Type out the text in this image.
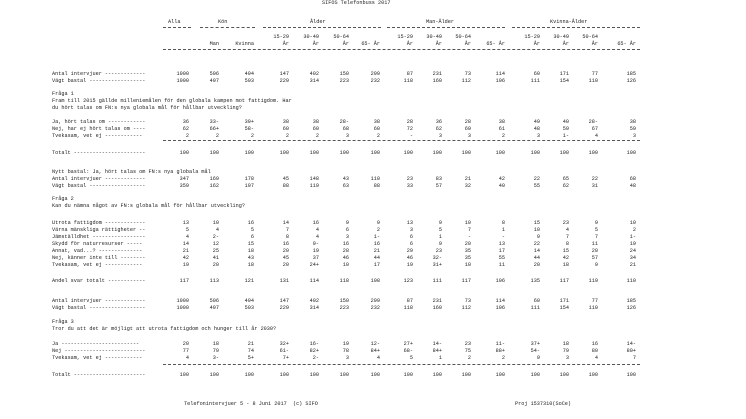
SIFOS Telefonbuss 2017
Alla	Kön	Ålder	Man-Ålder	Kvinna-Ålder
15-29	30-49	50-64	15-29	30-49	50-64	15-29	30-49	50-64
Man	Kvinna	År	År	År	65- År	År	År	År	65- År	År	År	År	65- År
Antal intervjuer -------------	1000	506	494	147	402	150	299	87	231	73	114	60	171	77	185
Vägt bastal ------------------	1000	497	503	229	314	223	232	118	160	112	106	111	154	110	126
Fråga 1
Fram till 2015 gällde milleniemålen för den globala kampen mot fattigdom. Har
du hört talas om FN:s nya globala mål för hållbar utveckling?
Ja, hört talas om ------------	36	33-	39+	38	38	28-	38	28	36	28	38	49	40	28-	38
Nej, har ej hört talas om ----	62	66+	58-	60	60	68	60	72	62	69	61	48	59	67	59
Tvekasam, vet ej ------------	2	2	2	2	2	3	2	-	3	3	2	3	1-	4	3
Totalt -----------------------	100	100	100	100	100	100	100	100	100	100	100	100	100	100	100
Nytt bastal: Ja, hört talas om FN:s nya globala mål
Antal intervjuer -------------	347	169	178	45	148	43	110	23	83	21	42	22	65	22	68
Vägt bastal ------------------	359	162	197	88	119	63	88	33	57	32	40	55	62	31	48
Fråga 2
Kan du nämna något av FN:s globala mål för hållbar utveckling?
Utrota fattigdom -------------	13	10	16	14	16	9	9	13	9	10	8	15	23	9	10
Värna mänskliga rättigheter --	5	4	5	7	4	6	2	3	5	7	1	10	4	5	2
Jämställdhet -----------------	4	2-	6	8	4	3	1-	6	1	-	-	9	7	7	1-
Skydd för naturresurser -----	14	12	15	16	9-	16	16	6	9	20	13	22	8	11	19
Annat, vad...? --------------	21	25	18	20	19	28	21	29	23	35	17	14	15	20	24
Nej, känner inte till --------	42	41	43	45	37	46	44	46	32-	35	55	44	42	57	34
Tvekasam, vet ej ------------	19	20	18	20	24+	10	17	19	31+	10	11	20	18	9	21
Andel svar totalt ------------	117	113	121	131	114	118	108	123	111	117	106	135	117	119	110
Antal intervjuer -------------	1000	506	494	147	402	150	299	87	231	73	114	60	171	77	185
Vägt bastal ------------------	1000	497	503	229	314	223	232	118	160	112	106	111	154	110	126
Fråga 3
Tror du att det är möjligt att utrota fattigdom och hunger till år 2030?
Ja -------------------------	20	18	21	32+	16-	19	12-	27+	14-	23	11-	37+	18	16	14-
Nej --------------------------	77	79	74	61-	82+	78	84+	68-	84+	75	88+	54-	79	80	80+
Tvekasam, vet ej ------------	4	3-	5+	7+	2-	3	4	5	1	2	2	9	3	4	7
Totalt -----------------------	100	100	100	100	100	100	100	100	100	100	100	100	100	100	100
Telefonintervjuer 5 - 8 Juni 2017  (c) SIFO	Proj 1537310(SoCe)
